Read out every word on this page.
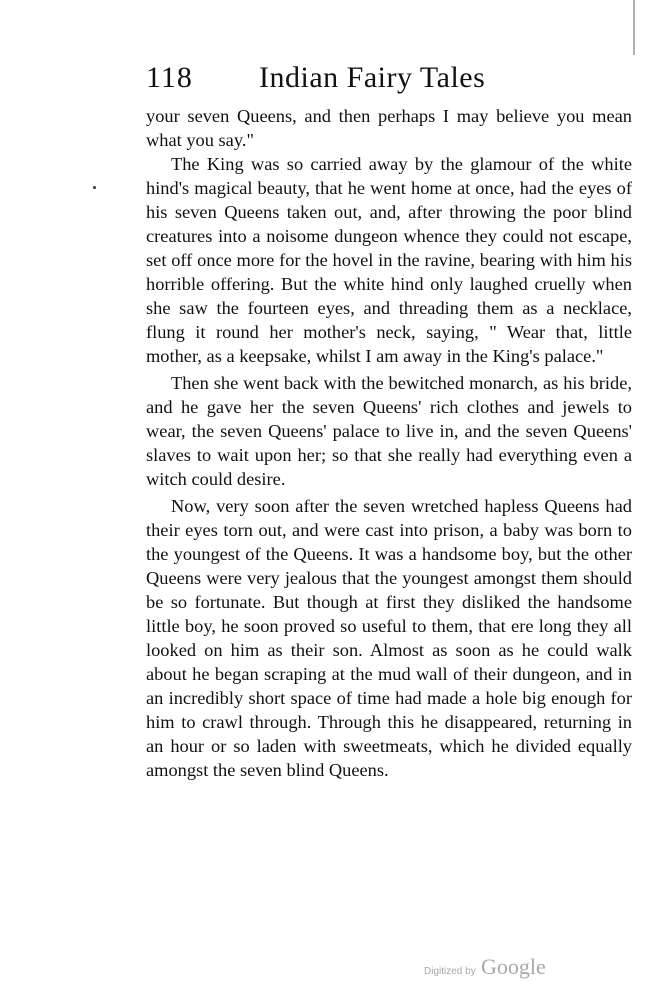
118 Indian Fairy Tales

your seven Queens, and then perhaps I may believe you mean what you say."

The King was so carried away by the glamour of the white hind's magical beauty, that he went home at once, had the eyes of his seven Queens taken out, and, after throwing the poor blind creatures into a noisome dungeon whence they could not escape, set off once more for the hovel in the ravine, bearing with him his horrible offering. But the white hind only laughed cruelly when she saw the fourteen eyes, and threading them as a necklace, flung it round her mother's neck, saying, " Wear that, little mother, as a keepsake, whilst I am away in the King's palace."

Then she went back with the bewitched monarch, as his bride, and he gave her the seven Queens' rich clothes and jewels to wear, the seven Queens' palace to live in, and the seven Queens' slaves to wait upon her; so that she really had everything even a witch could desire.

Now, very soon after the seven wretched hapless Queens had their eyes torn out, and were cast into prison, a baby was born to the youngest of the Queens. It was a handsome boy, but the other Queens were very jealous that the youngest amongst them should be so fortunate. But though at first they disliked the handsome little boy, he soon proved so useful to them, that ere long they all looked on him as their son. Almost as soon as he could walk about he began scraping at the mud wall of their dungeon, and in an incredibly short space of time had made a hole big enough for him to crawl through. Through this he disappeared, returning in an hour or so laden with sweetmeats, which he divided equally amongst the seven blind Queens.

Digitized by Google
